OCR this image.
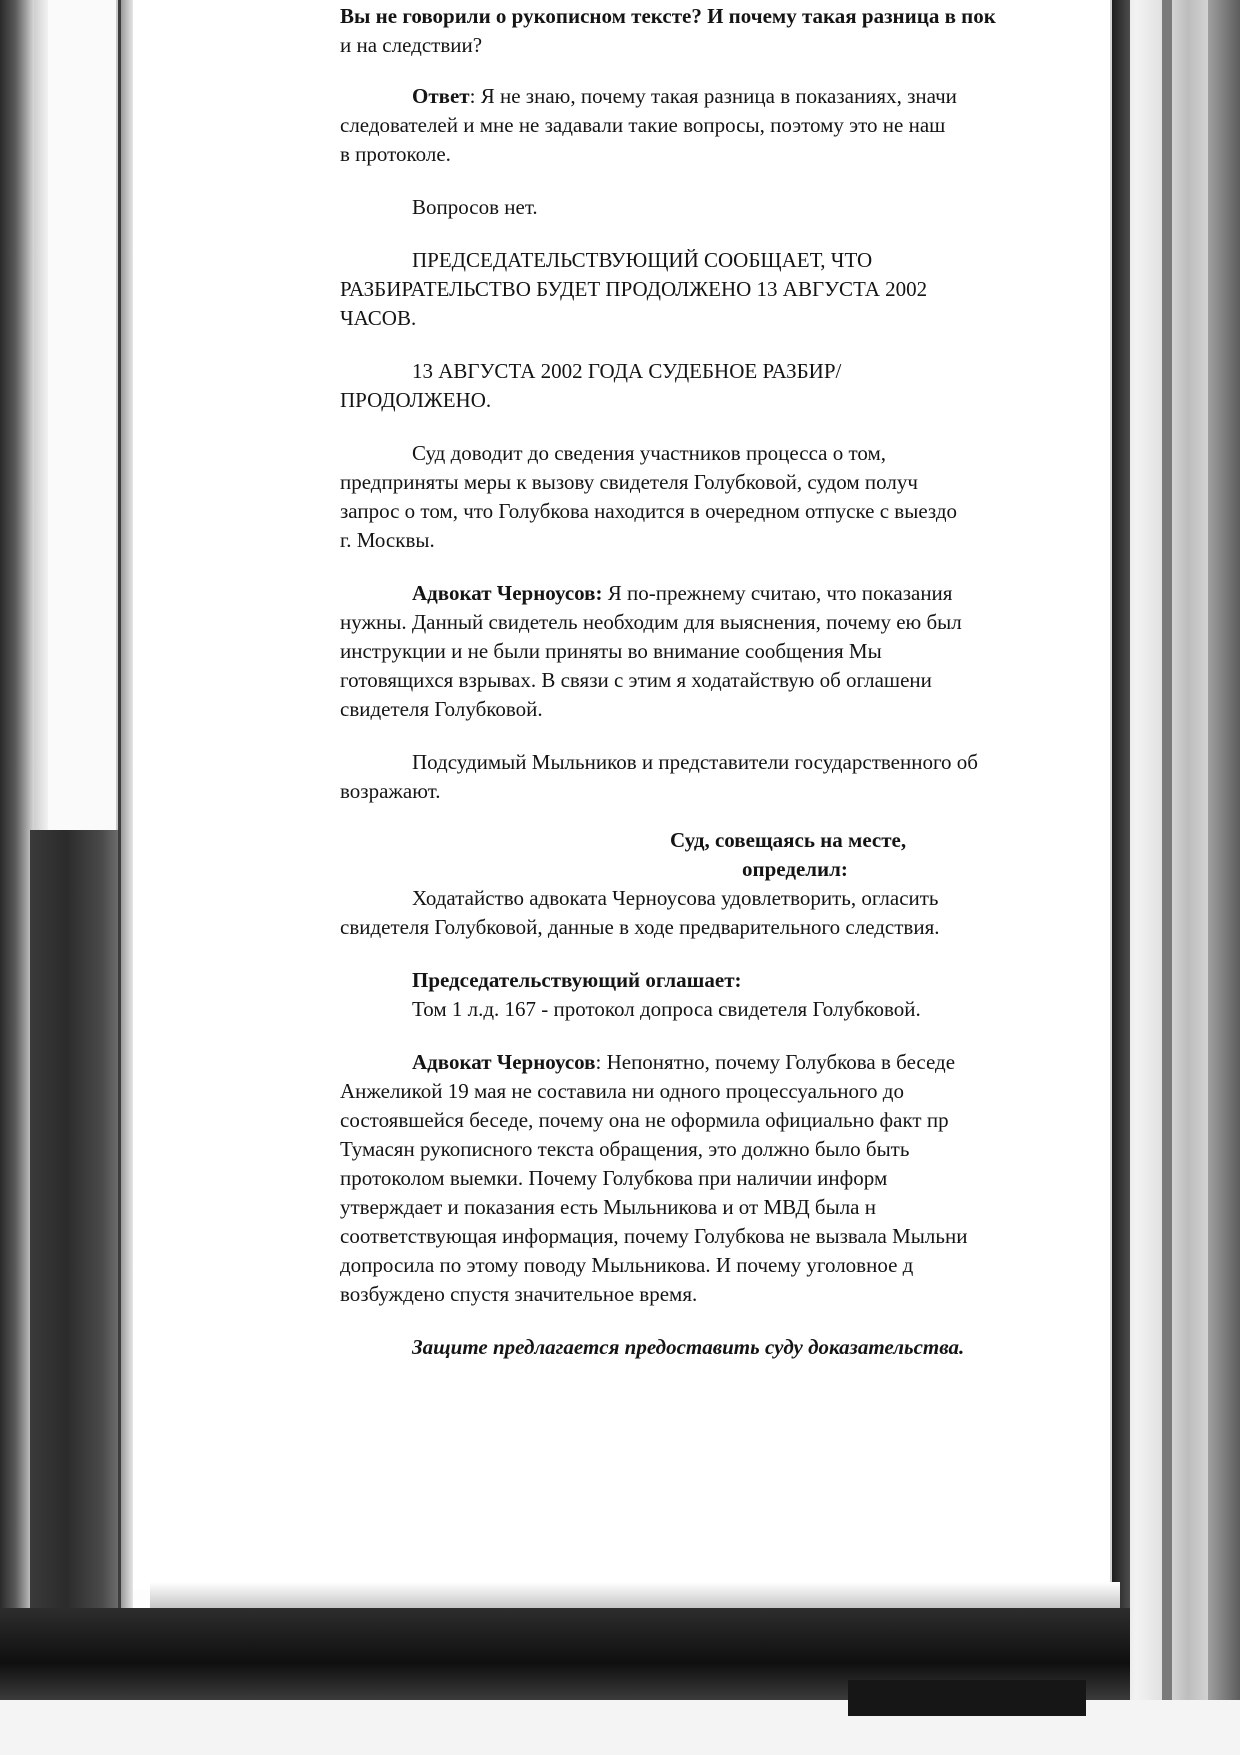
Вы не говорили о рукописном тексте? И почему такая разница в пок
и на следствии?

Ответ: Я не знаю, почему такая разница в показаниях, значи
следователей и мне не задавали такие вопросы, поэтому это не наш
в протоколе.

Вопросов нет.

ПРЕДСЕДАТЕЛЬСТВУЮЩИЙ СООБЩАЕТ, ЧТО
РАЗБИРАТЕЛЬСТВО БУДЕТ ПРОДОЛЖЕНО 13 АВГУСТА 2002
ЧАСОВ.

13 АВГУСТА 2002 ГОДА СУДЕБНОЕ РАЗБИР/
ПРОДОЛЖЕНО.

Суд доводит до сведения участников процесса о том,
предприняты меры к вызову свидетеля Голубковой, судом получ
запрос о том, что Голубкова находится в очередном отпуске с выездо
г. Москвы.

Адвокат Черноусов: Я по-прежнему считаю, что показания
нужны. Данный свидетель необходим для выяснения, почему ею был
инструкции и не были приняты во внимание сообщения Мы
готовящихся взрывах. В связи с этим я ходатайствую об оглашени
свидетеля Голубковой.

Подсудимый Мыльников и представители государственного об
возражают.

Суд, совещаясь на месте,
определил:

Ходатайство адвоката Черноусова удовлетворить, огласить
свидетеля Голубковой, данные в ходе предварительного следствия.

Председательствующий оглашает:
Том 1 л.д. 167 - протокол допроса свидетеля Голубковой.

Адвокат Черноусов: Непонятно, почему Голубкова в беседе
Анжеликой 19 мая не составила ни одного процессуального до
состоявшейся беседе, почему она не оформила официально факт пр
Тумасян рукописного текста обращения, это должно было быть
протоколом выемки. Почему Голубкова при наличии информ
утверждает и показания есть Мыльникова и от МВД была н
соответствующая информация, почему Голубкова не вызвала Мыльни
допросила по этому поводу Мыльникова. И почему уголовное д
возбуждено спустя значительное время.

Защите предлагается предоставить суду доказательства.
